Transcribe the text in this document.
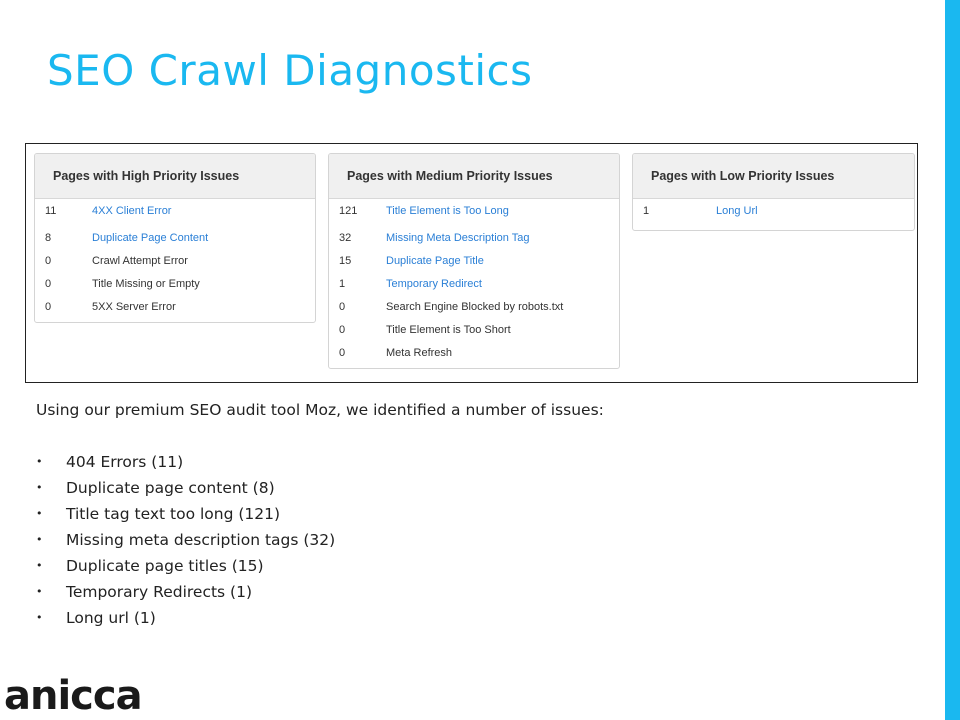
SEO Crawl Diagnostics
Pages with High Priority Issues
11	4XX Client Error
8	Duplicate Page Content
0	Crawl Attempt Error
0	Title Missing or Empty
0	5XX Server Error
Pages with Medium Priority Issues
121	Title Element is Too Long
32	Missing Meta Description Tag
15	Duplicate Page Title
1	Temporary Redirect
0	Search Engine Blocked by robots.txt
0	Title Element is Too Short
0	Meta Refresh
Pages with Low Priority Issues
1	Long Url

Using our premium SEO audit tool Moz, we identified a number of issues:

• 404 Errors (11)
• Duplicate page content (8)
• Title tag text too long (121)
• Missing meta description tags (32)
• Duplicate page titles (15)
• Temporary Redirects (1)
• Long url (1)
anicca
